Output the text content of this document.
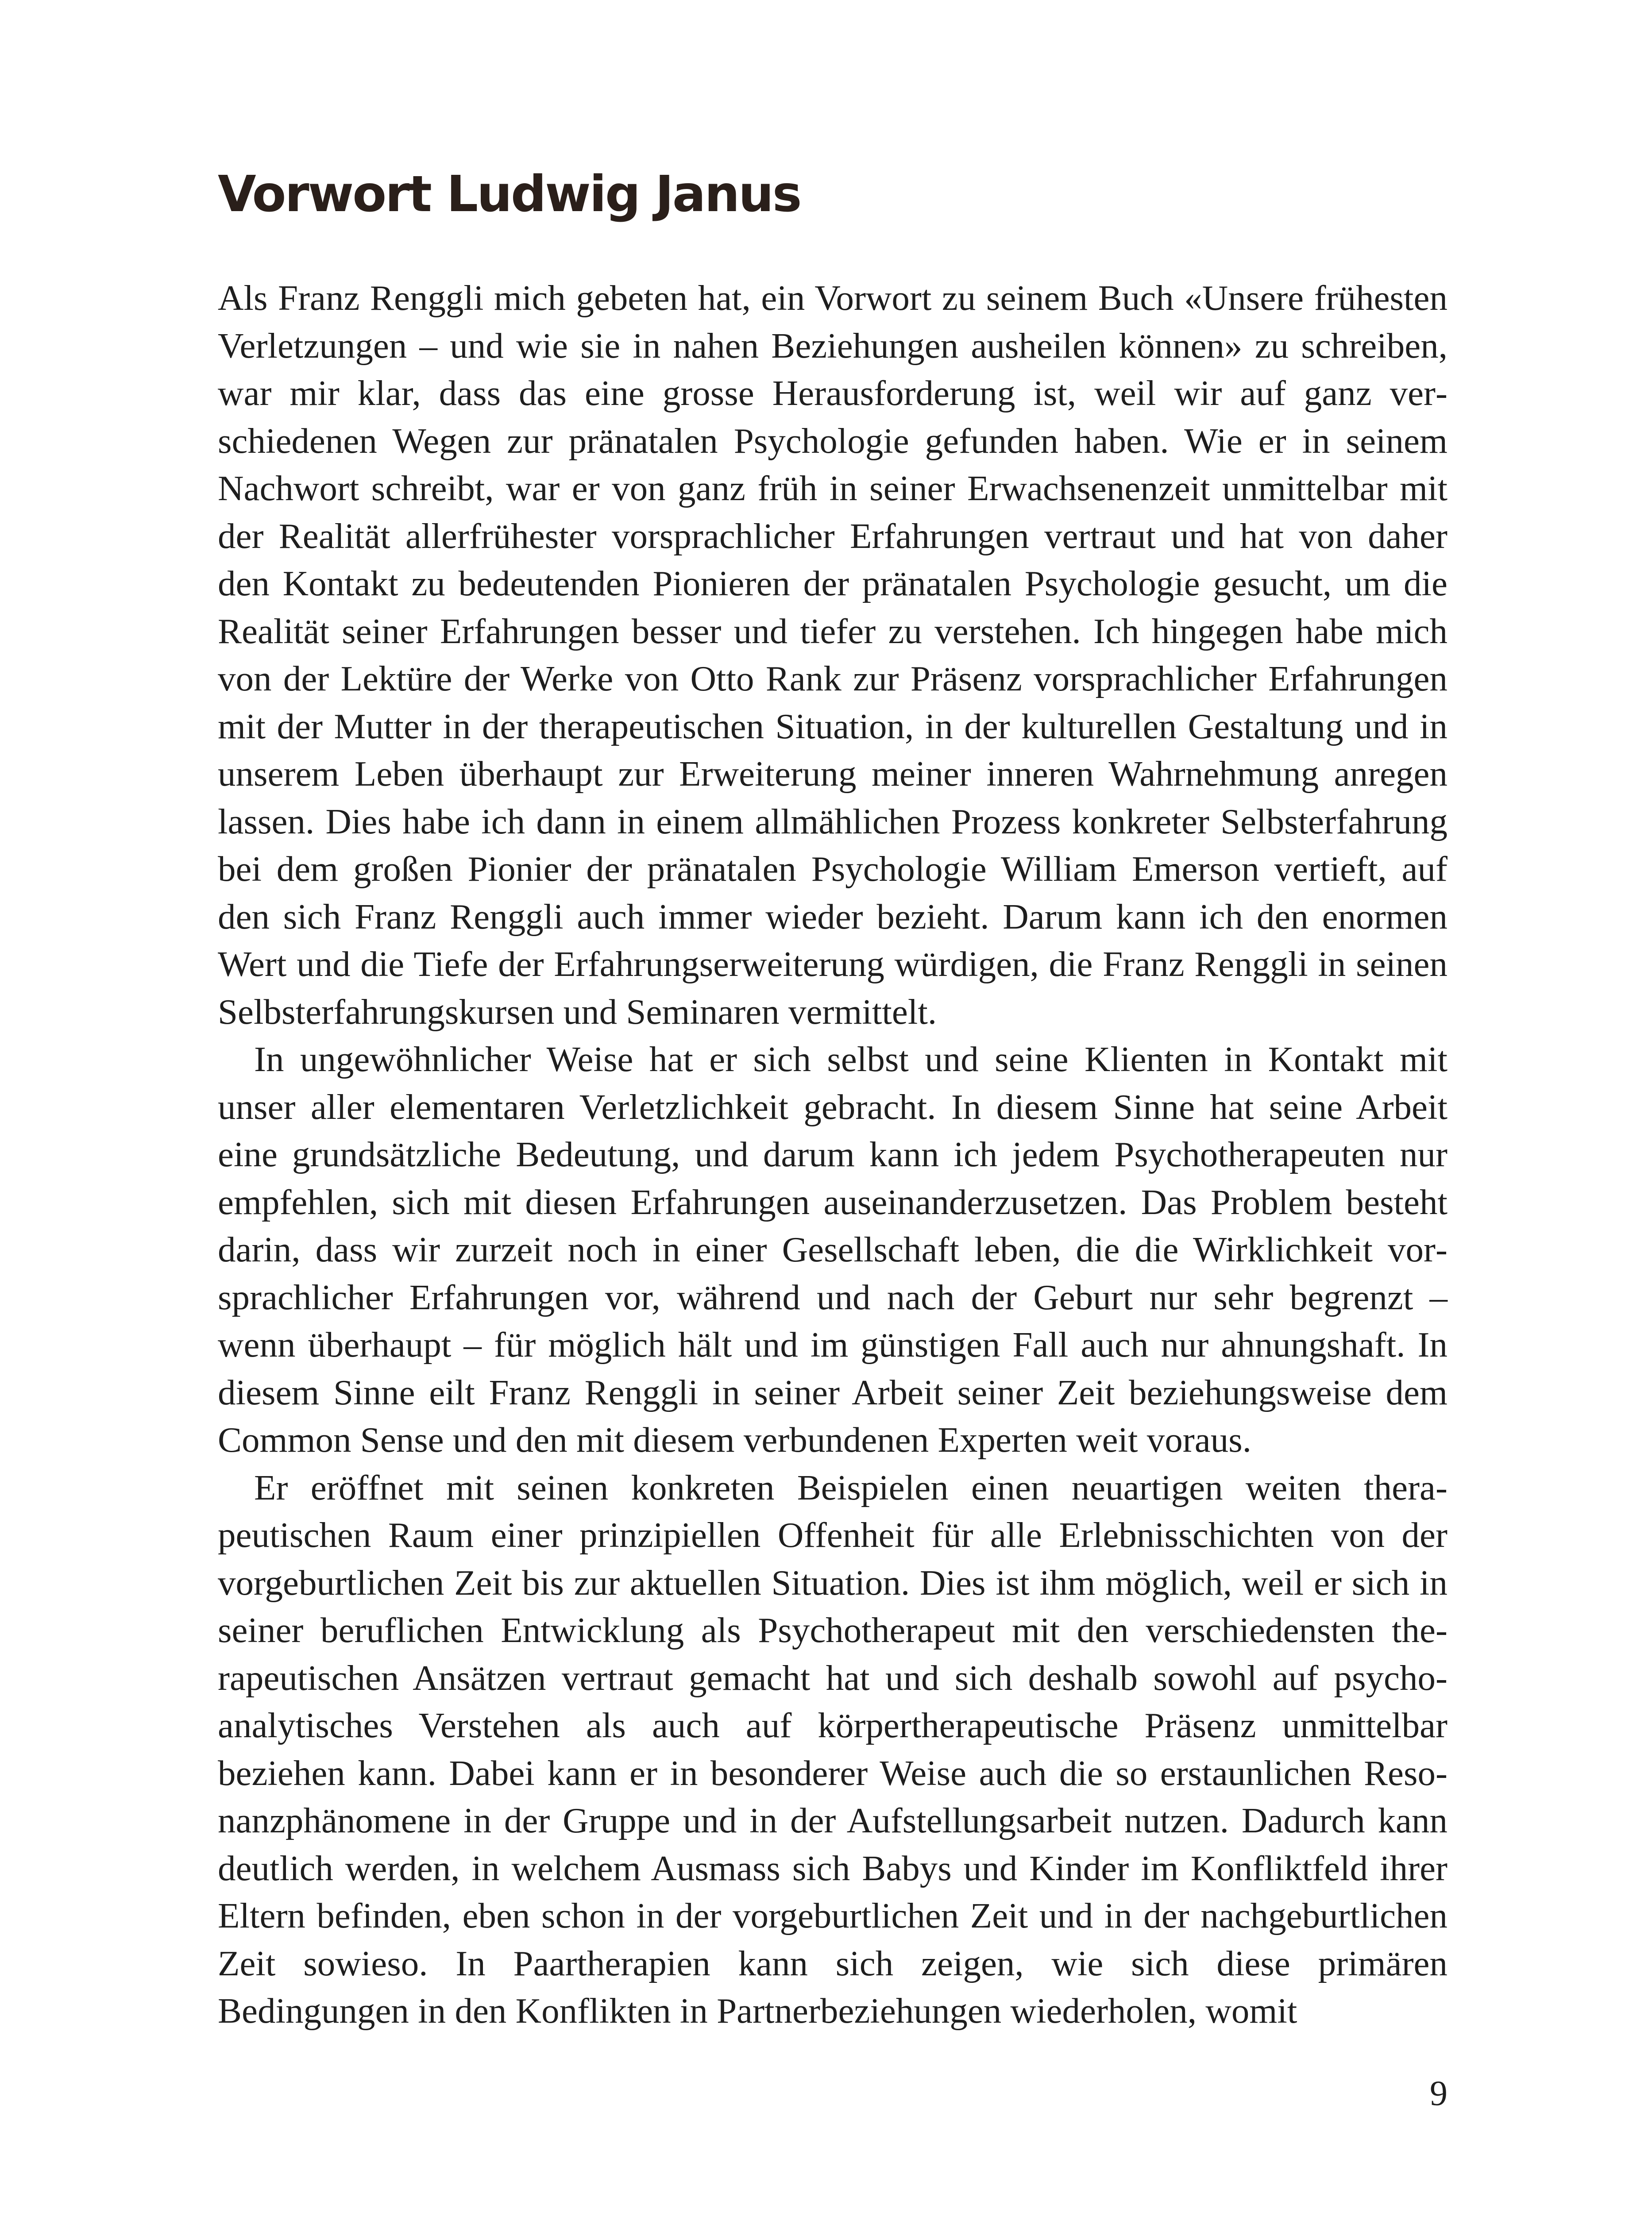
Vorwort Ludwig Janus

Als Franz Renggli mich gebeten hat, ein Vorwort zu seinem Buch «Unsere frühesten Verletzungen – und wie sie in nahen Beziehungen ausheilen können» zu schreiben, war mir klar, dass das eine grosse Herausforderung ist, weil wir auf ganz verschiedenen Wegen zur pränatalen Psychologie gefunden haben. Wie er in seinem Nachwort schreibt, war er von ganz früh in seiner Erwachsenenzeit unmittelbar mit der Realität allerfrühester vorsprachlicher Erfahrungen vertraut und hat von daher den Kontakt zu bedeutenden Pionieren der pränatalen Psychologie gesucht, um die Realität seiner Erfahrungen besser und tiefer zu verstehen. Ich hingegen habe mich von der Lektüre der Werke von Otto Rank zur Präsenz vorsprachlicher Erfahrungen mit der Mutter in der therapeutischen Situation, in der kulturellen Gestaltung und in unserem Leben überhaupt zur Erweiterung meiner inneren Wahrnehmung anregen lassen. Dies habe ich dann in einem allmählichen Prozess konkreter Selbsterfahrung bei dem großen Pionier der pränatalen Psychologie William Emerson vertieft, auf den sich Franz Renggli auch immer wieder bezieht. Darum kann ich den enormen Wert und die Tiefe der Erfahrungserweiterung würdigen, die Franz Renggli in seinen Selbsterfahrungskursen und Seminaren vermittelt.

In ungewöhnlicher Weise hat er sich selbst und seine Klienten in Kontakt mit unser aller elementaren Verletzlichkeit gebracht. In diesem Sinne hat seine Arbeit eine grundsätzliche Bedeutung, und darum kann ich jedem Psychotherapeuten nur empfehlen, sich mit diesen Erfahrungen auseinanderzusetzen. Das Problem besteht darin, dass wir zurzeit noch in einer Gesellschaft leben, die die Wirklichkeit vorsprachlicher Erfahrungen vor, während und nach der Geburt nur sehr begrenzt – wenn überhaupt – für möglich hält und im günstigen Fall auch nur ahnungshaft. In diesem Sinne eilt Franz Renggli in seiner Arbeit seiner Zeit beziehungsweise dem Common Sense und den mit diesem verbundenen Experten weit voraus.

Er eröffnet mit seinen konkreten Beispielen einen neuartigen weiten therapeutischen Raum einer prinzipiellen Offenheit für alle Erlebnisschichten von der vorgeburtlichen Zeit bis zur aktuellen Situation. Dies ist ihm möglich, weil er sich in seiner beruflichen Entwicklung als Psychotherapeut mit den verschiedensten therapeutischen Ansätzen vertraut gemacht hat und sich deshalb sowohl auf psychoanalytisches Verstehen als auch auf körpertherapeutische Präsenz unmittelbar beziehen kann. Dabei kann er in besonderer Weise auch die so erstaunlichen Resonanzphänomene in der Gruppe und in der Aufstellungsarbeit nutzen. Dadurch kann deutlich werden, in welchem Ausmass sich Babys und Kinder im Konfliktfeld ihrer Eltern befinden, eben schon in der vorgeburtlichen Zeit und in der nachgeburtlichen Zeit sowieso. In Paartherapien kann sich zeigen, wie sich diese primären Bedingungen in den Konflikten in Partnerbeziehungen wiederholen, womit

9
